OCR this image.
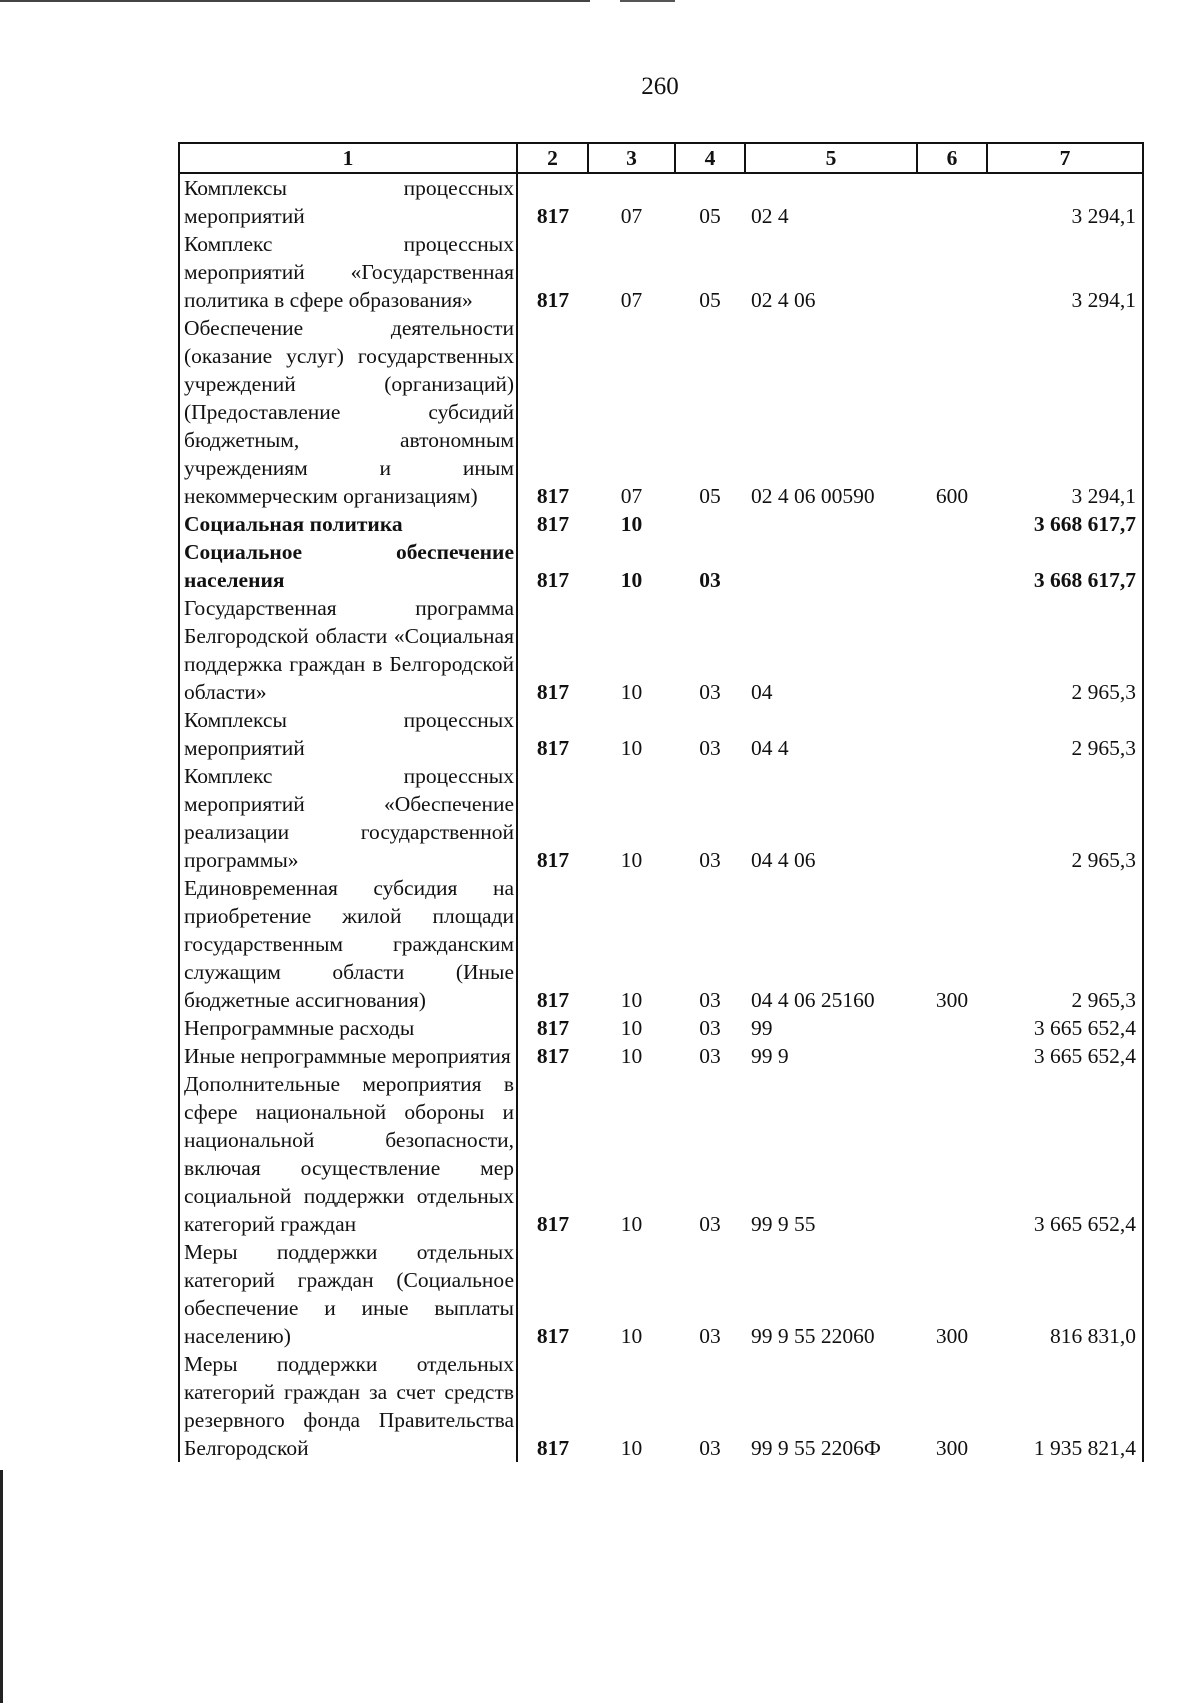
260
1	2	3	4	5	6	7
Комплексы процессных мероприятий	817	07	05	02 4		3 294,1
Комплекс процессных мероприятий «Государственная политика в сфере образования»	817	07	05	02 4 06		3 294,1
Обеспечение деятельности (оказание услуг) государственных учреждений (организаций) (Предоставление субсидий бюджетным, автономным учреждениям и иным некоммерческим организациям)	817	07	05	02 4 06 00590	600	3 294,1
Социальная политика	817	10				3 668 617,7
Социальное обеспечение населения	817	10	03			3 668 617,7
Государственная программа Белгородской области «Социальная поддержка граждан в Белгородской области»	817	10	03	04		2 965,3
Комплексы процессных мероприятий	817	10	03	04 4		2 965,3
Комплекс процессных мероприятий «Обеспечение реализации государственной программы»	817	10	03	04 4 06		2 965,3
Единовременная субсидия на приобретение жилой площади государственным гражданским служащим области (Иные бюджетные ассигнования)	817	10	03	04 4 06 25160	300	2 965,3
Непрограммные расходы	817	10	03	99		3 665 652,4
Иные непрограммные мероприятия	817	10	03	99 9		3 665 652,4
Дополнительные мероприятия в сфере национальной обороны и национальной безопасности, включая осуществление мер социальной поддержки отдельных категорий граждан	817	10	03	99 9 55		3 665 652,4
Меры поддержки отдельных категорий граждан (Социальное обеспечение и иные выплаты населению)	817	10	03	99 9 55 22060	300	816 831,0
Меры поддержки отдельных категорий граждан за счет средств резервного фонда Правительства Белгородской	817	10	03	99 9 55 2206Ф	300	1 935 821,4
